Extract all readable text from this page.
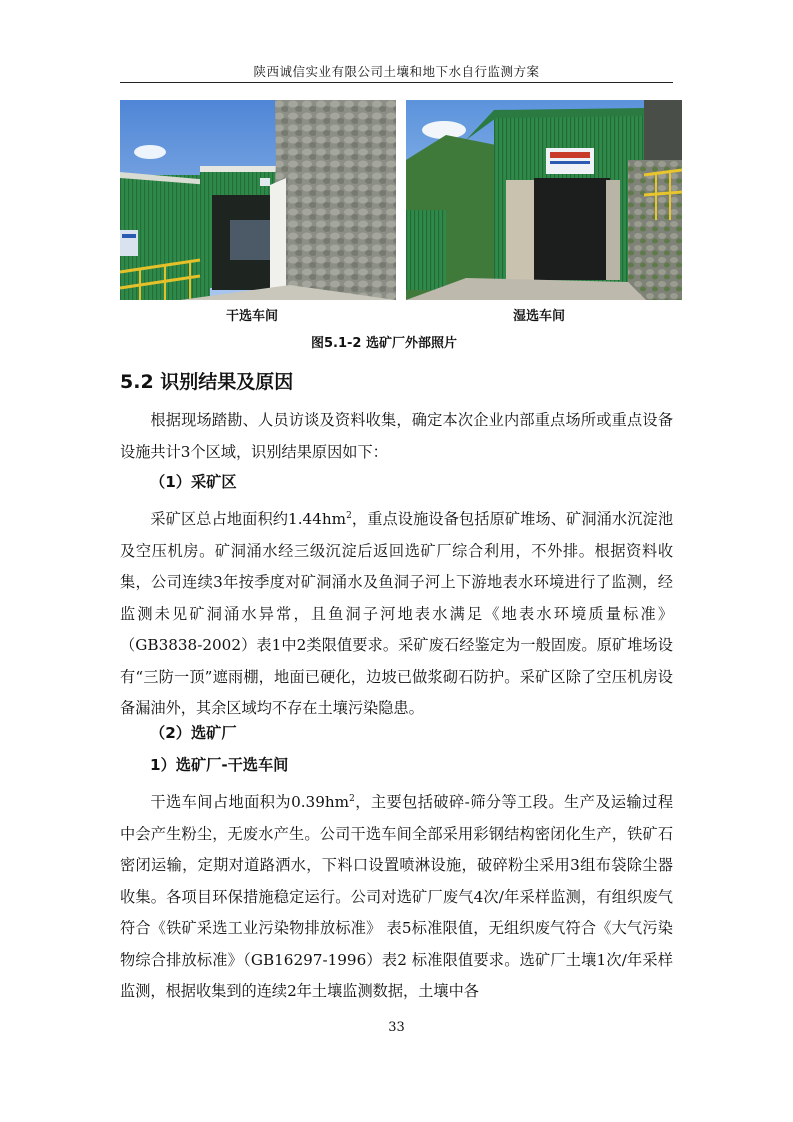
陕西诚信实业有限公司土壤和地下水自行监测方案
干选车间	湿选车间
图5.1-2 选矿厂外部照片
5.2 识别结果及原因

根据现场踏勘、人员访谈及资料收集，确定本次企业内部重点场所或重点设备设施共计3个区域，识别结果原因如下：

（1）采矿区

采矿区总占地面积约$1.44hm^2$，重点设施设备包括原矿堆场、矿洞涌水沉淀池及空压机房。矿洞涌水经三级沉淀后返回选矿厂综合利用，不外排。根据资料收集，公司连续3年按季度对矿洞涌水及鱼洞子河上下游地表水环境进行了监测，经监测未见矿洞涌水异常，且鱼洞子河地表水满足《地表水环境质量标准》（GB3838-2002）表1中2类限值要求。采矿废石经鉴定为一般固废。原矿堆场设有“三防一顶”遮雨棚，地面已硬化，边坡已做浆砌石防护。采矿区除了空压机房设备漏油外，其余区域均不存在土壤污染隐患。

（2）选矿厂
1）选矿厂-干选车间

干选车间占地面积为$0.39hm^2$，主要包括破碎-筛分等工段。生产及运输过程中会产生粉尘，无废水产生。公司干选车间全部采用彩钢结构密闭化生产，铁矿石密闭运输，定期对道路洒水，下料口设置喷淋设施，破碎粉尘采用3组布袋除尘器收集。各项目环保措施稳定运行。公司对选矿厂废气4次/年采样监测，有组织废气符合《铁矿采选工业污染物排放标准》 表5标准限值，无组织废气符合《大气污染物综合排放标准》（GB16297-1996）表2 标准限值要求。选矿厂土壤1次/年采样监测，根据收集到的连续2年土壤监测数据，土壤中各

33
